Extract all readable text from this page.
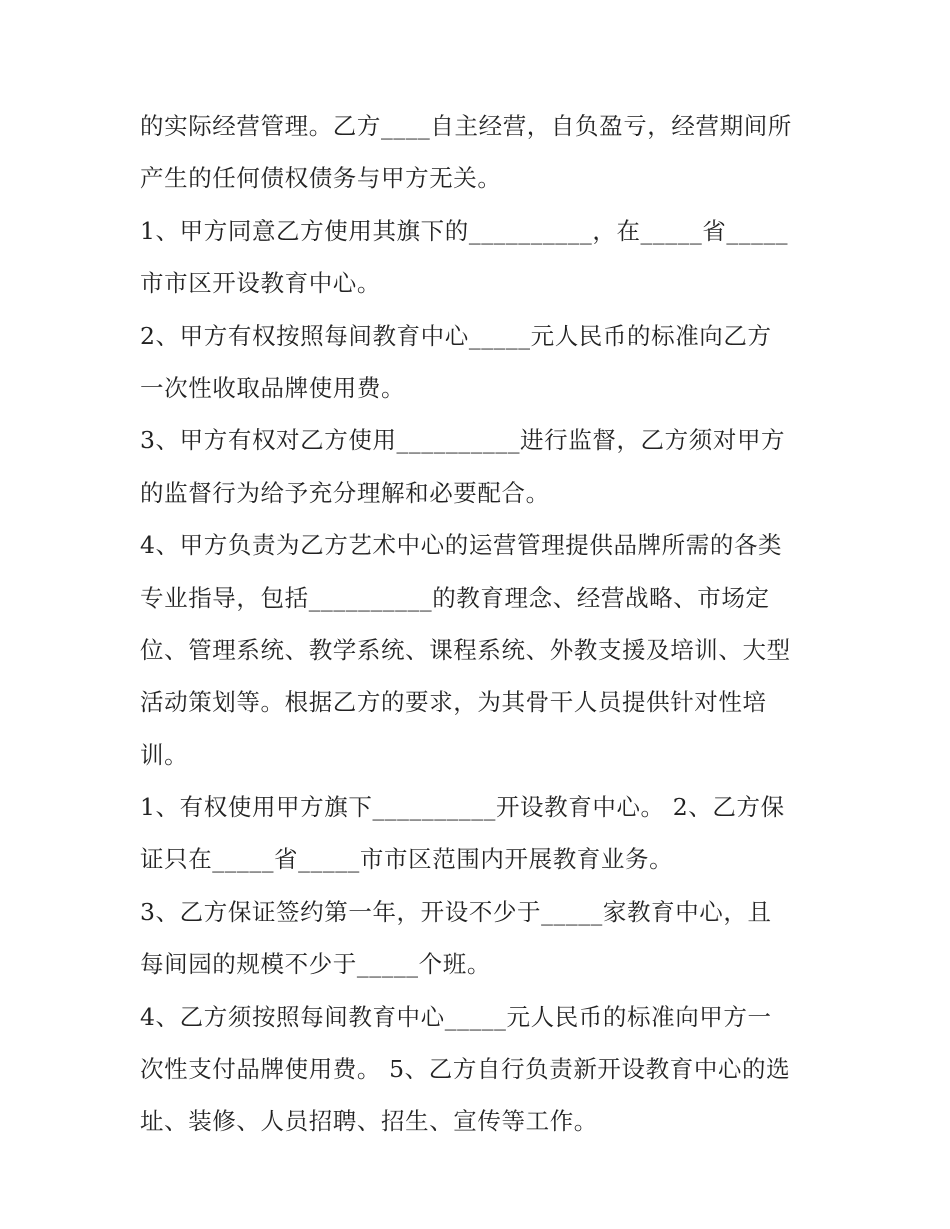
的实际经营管理。乙方____自主经营，自负盈亏，经营期间所
产生的任何债权债务与甲方无关。
1、甲方同意乙方使用其旗下的__________，在_____省_____
市市区开设教育中心。
2、甲方有权按照每间教育中心_____元人民币的标准向乙方
一次性收取品牌使用费。
3、甲方有权对乙方使用__________进行监督，乙方须对甲方
的监督行为给予充分理解和必要配合。
4、甲方负责为乙方艺术中心的运营管理提供品牌所需的各类
专业指导，包括__________的教育理念、经营战略、市场定
位、管理系统、教学系统、课程系统、外教支援及培训、大型
活动策划等。根据乙方的要求，为其骨干人员提供针对性培
训。
1、有权使用甲方旗下__________开设教育中心。 2、乙方保
证只在_____省_____市市区范围内开展教育业务。
3、乙方保证签约第一年，开设不少于_____家教育中心，且
每间园的规模不少于_____个班。
4、乙方须按照每间教育中心_____元人民币的标准向甲方一
次性支付品牌使用费。 5、乙方自行负责新开设教育中心的选
址、装修、人员招聘、招生、宣传等工作。
